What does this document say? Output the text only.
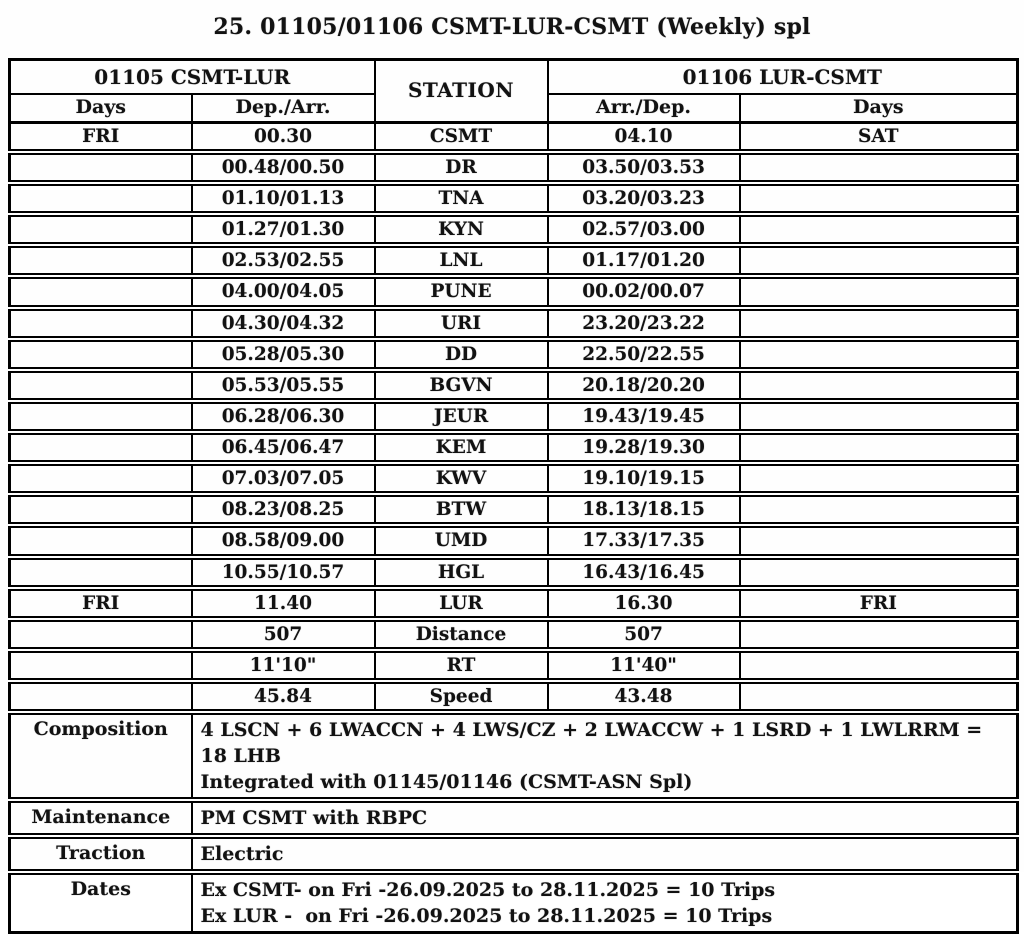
25. 01105/01106 CSMT-LUR-CSMT (Weekly) spl
01105 CSMT-LUR		STATION	01106 LUR-CSMT	
Days	Dep./Arr.		Arr./Dep.	Days
FRI	00.30	CSMT	04.10	SAT
	00.48/00.50	DR	03.50/03.53	
	01.10/01.13	TNA	03.20/03.23	
	01.27/01.30	KYN	02.57/03.00	
	02.53/02.55	LNL	01.17/01.20	
	04.00/04.05	PUNE	00.02/00.07	
	04.30/04.32	URI	23.20/23.22	
	05.28/05.30	DD	22.50/22.55	
	05.53/05.55	BGVN	20.18/20.20	
	06.28/06.30	JEUR	19.43/19.45	
	06.45/06.47	KEM	19.28/19.30	
	07.03/07.05	KWV	19.10/19.15	
	08.23/08.25	BTW	18.13/18.15	
	08.58/09.00	UMD	17.33/17.35	
	10.55/10.57	HGL	16.43/16.45	
FRI	11.40	LUR	16.30	FRI
	507	Distance	507	
	11'10"	RT	11'40"	
	45.84	Speed	43.48	
Composition	4 LSCN + 6 LWACCN + 4 LWS/CZ + 2 LWACCW + 1 LSRD + 1 LWLRRM = 18 LHB
Integrated with 01145/01146 (CSMT-ASN Spl)			

Maintenance	PM CSMT with RBPC			

Traction	Electric			

Dates	Ex CSMT- on Fri -26.09.2025 to 28.11.2025 = 10 Trips
Ex LUR -  on Fri -26.09.2025 to 28.11.2025 = 10 Trips			
